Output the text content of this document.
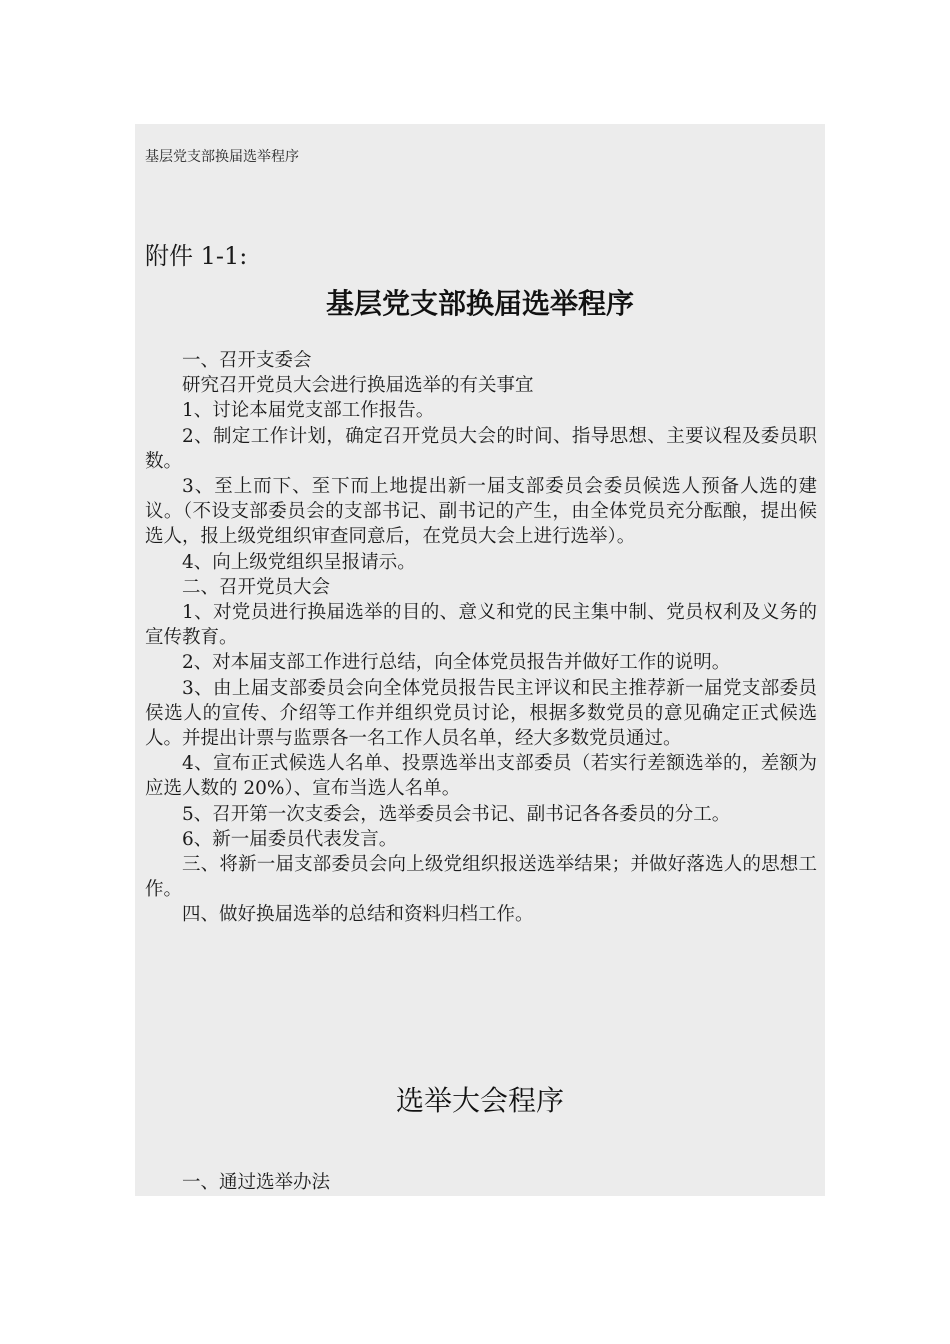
基层党支部换届选举程序
附件 1-1:
基层党支部换届选举程序

一、召开支委会

研究召开党员大会进行换届选举的有关事宜

1、讨论本届党支部工作报告。

2、制定工作计划，确定召开党员大会的时间、指导思想、主要议程及委员职数。

3、至上而下、至下而上地提出新一届支部委员会委员候选人预备人选的建议。（不设支部委员会的支部书记、副书记的产生，由全体党员充分酝酿，提出候选人，报上级党组织审查同意后，在党员大会上进行选举）。

4、向上级党组织呈报请示。

二、召开党员大会

1、对党员进行换届选举的目的、意义和党的民主集中制、党员权利及义务的宣传教育。

2、对本届支部工作进行总结，向全体党员报告并做好工作的说明。

3、由上届支部委员会向全体党员报告民主评议和民主推荐新一届党支部委员侯选人的宣传、介绍等工作并组织党员讨论，根据多数党员的意见确定正式候选人。并提出计票与监票各一名工作人员名单，经大多数党员通过。

4、宣布正式候选人名单、投票选举出支部委员（若实行差额选举的，差额为应选人数的 20%）、宣布当选人名单。

5、召开第一次支委会，选举委员会书记、副书记各各委员的分工。

6、新一届委员代表发言。

三、将新一届支部委员会向上级党组织报送选举结果；并做好落选人的思想工作。

四、做好换届选举的总结和资料归档工作。

选举大会程序

一、通过选举办法
